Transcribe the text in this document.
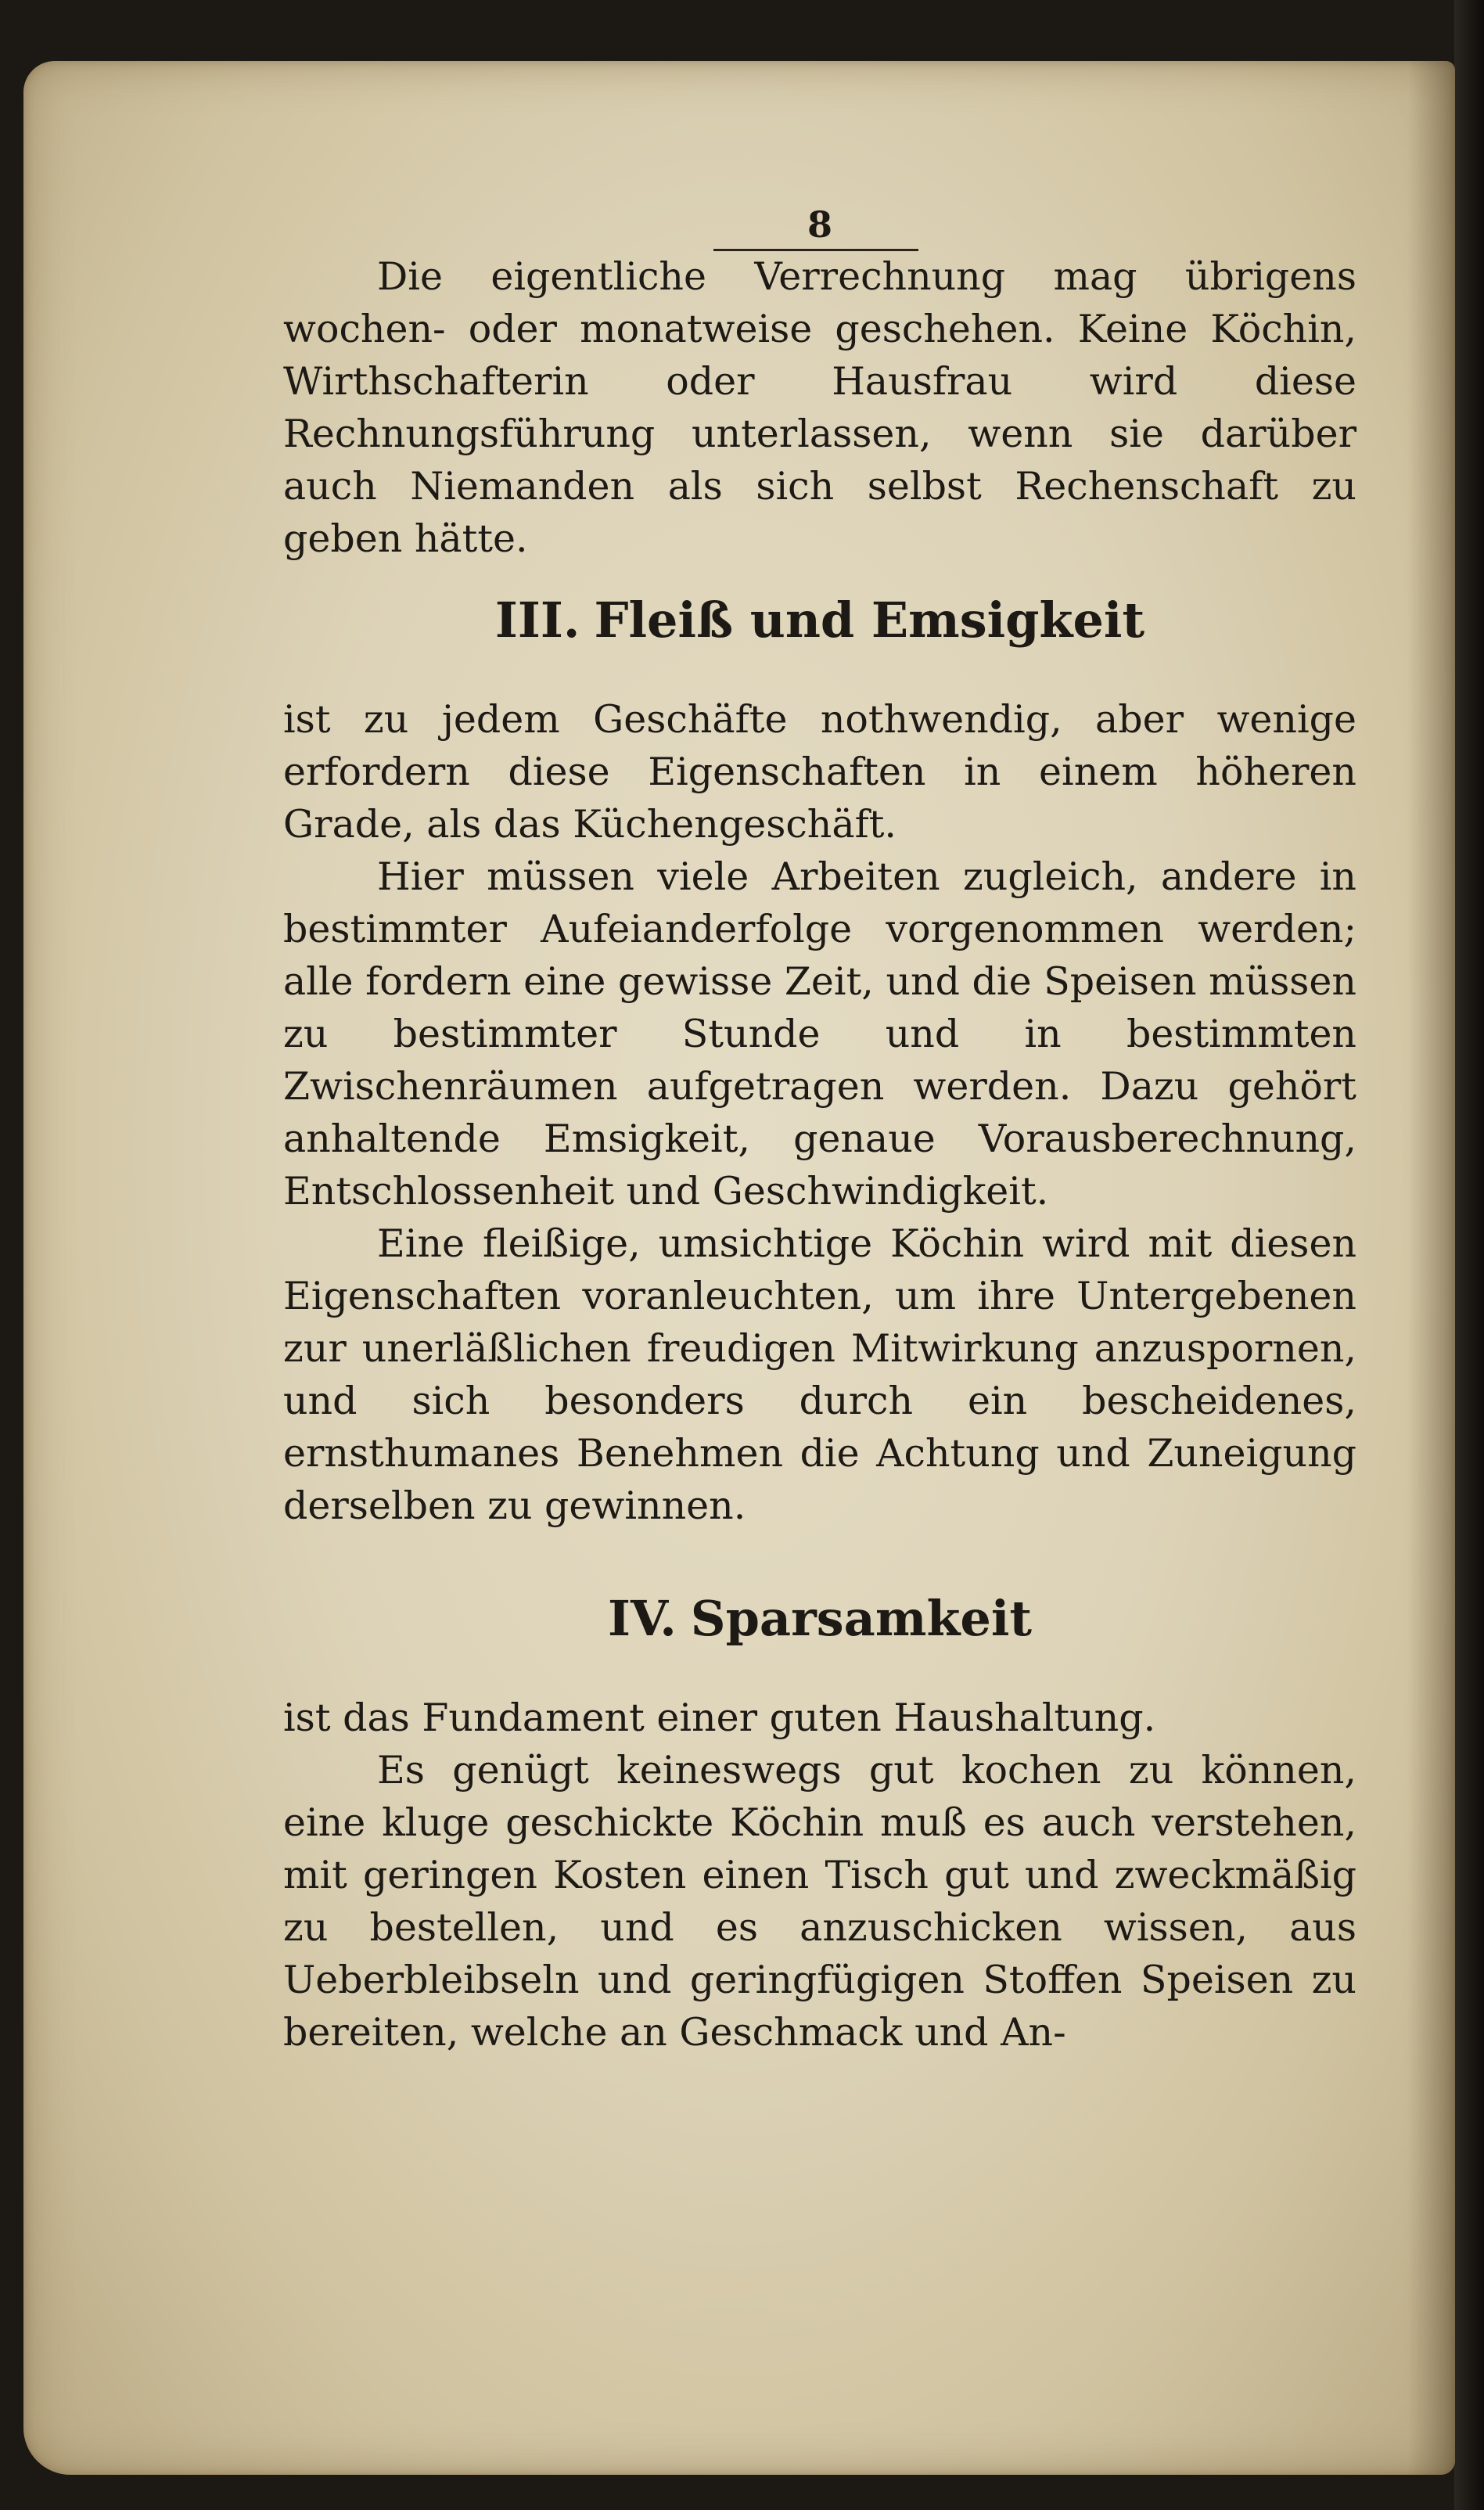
8

Die eigentliche Verrechnung mag übrigens wochen- oder monatweise geschehen. Keine Köchin, Wirthschafterin oder Hausfrau wird diese Rechnungsführung unterlassen, wenn sie darüber auch Niemanden als sich selbst Rechenschaft zu geben hätte.

III. Fleiß und Emsigkeit

ist zu jedem Geschäfte nothwendig, aber wenige erfordern diese Eigenschaften in einem höheren Grade, als das Küchengeschäft.

Hier müssen viele Arbeiten zugleich, andere in bestimmter Aufeianderfolge vorgenommen werden; alle fordern eine gewisse Zeit, und die Speisen müssen zu bestimmter Stunde und in bestimmten Zwischenräumen aufgetragen werden. Dazu gehört anhaltende Emsigkeit, genaue Vorausberechnung, Entschlossenheit und Geschwindigkeit.

Eine fleißige, umsichtige Köchin wird mit diesen Eigenschaften voranleuchten, um ihre Untergebenen zur unerläßlichen freudigen Mitwirkung anzuspornen, und sich besonders durch ein bescheidenes, ernsthumanes Benehmen die Achtung und Zuneigung derselben zu gewinnen.

IV. Sparsamkeit

ist das Fundament einer guten Haushaltung.

Es genügt keineswegs gut kochen zu können, eine kluge geschickte Köchin muß es auch verstehen, mit geringen Kosten einen Tisch gut und zweckmäßig zu bestellen, und es anzuschicken wissen, aus Ueberbleibseln und geringfügigen Stoffen Speisen zu bereiten, welche an Geschmack und An-
